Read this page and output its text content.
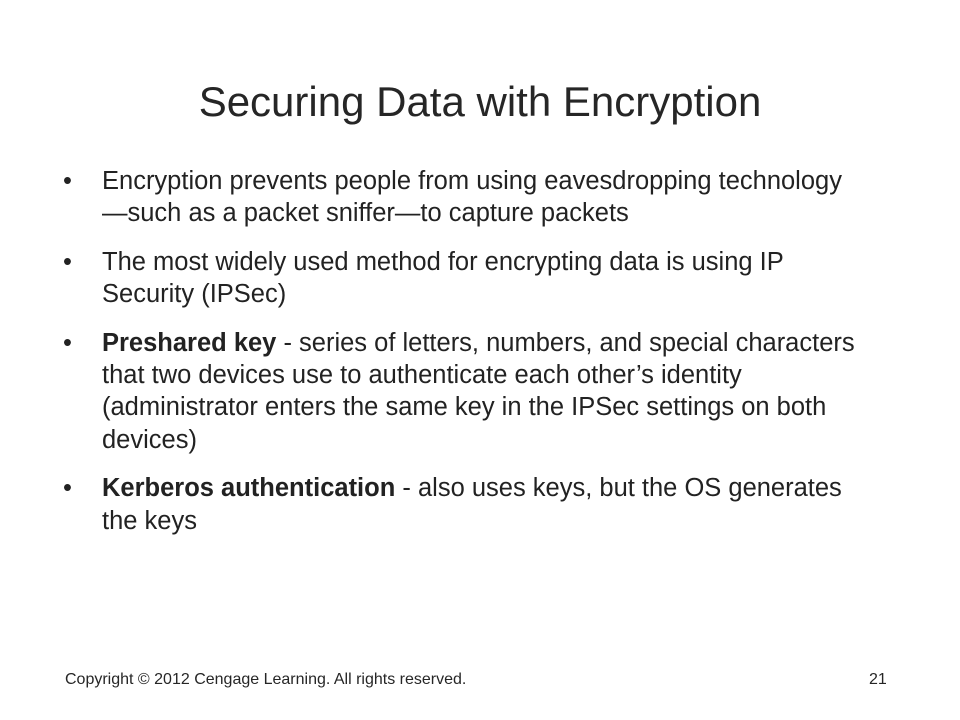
Securing Data with Encryption
• Encryption prevents people from using eavesdropping technology—such as a packet sniffer—to capture packets
• The most widely used method for encrypting data is using IP Security (IPSec)
• Preshared key - series of letters, numbers, and special characters that two devices use to authenticate each other’s identity (administrator enters the same key in the IPSec settings on both devices)
• Kerberos authentication - also uses keys, but the OS generates the keys
Copyright © 2012 Cengage Learning. All rights reserved.	21
